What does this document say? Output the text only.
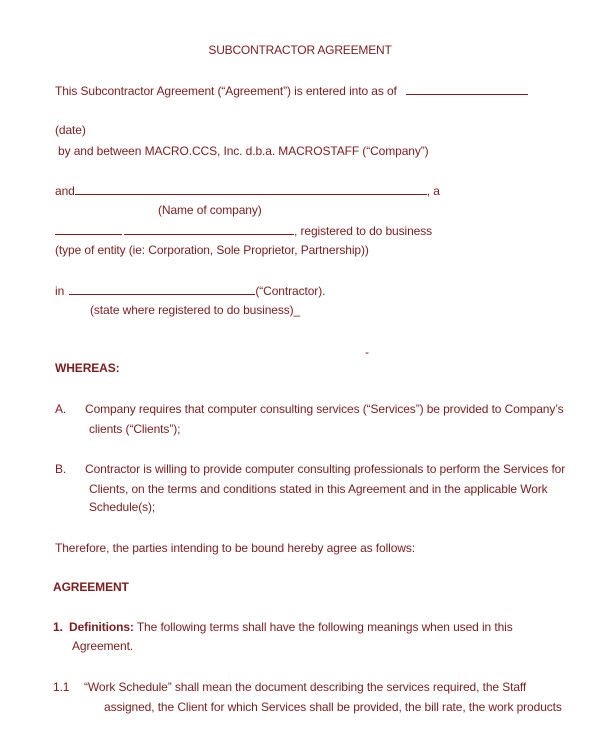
SUBCONTRACTOR AGREEMENT
This Subcontractor Agreement (“Agreement”) is entered into as of
(date)
by and between MACRO.CCS, Inc. d.b.a. MACROSTAFF (“Company”)
and	, a
(Name of company)
, registered to do business
(type of entity (ie: Corporation, Sole Proprietor, Partnership))
in	(“Contractor).
(state where registered to do business)_
-
WHEREAS:
A. Company requires that computer consulting services (“Services”) be provided to Company’s
clients (“Clients”);
B. Contractor is willing to provide computer consulting professionals to perform the Services for
Clients, on the terms and conditions stated in this Agreement and in the applicable Work
Schedule(s);
Therefore, the parties intending to be bound hereby agree as follows:
AGREEMENT
1. Definitions: The following terms shall have the following meanings when used in this
Agreement.
1.1 “Work Schedule” shall mean the document describing the services required, the Staff
assigned, the Client for which Services shall be provided, the bill rate, the work products
